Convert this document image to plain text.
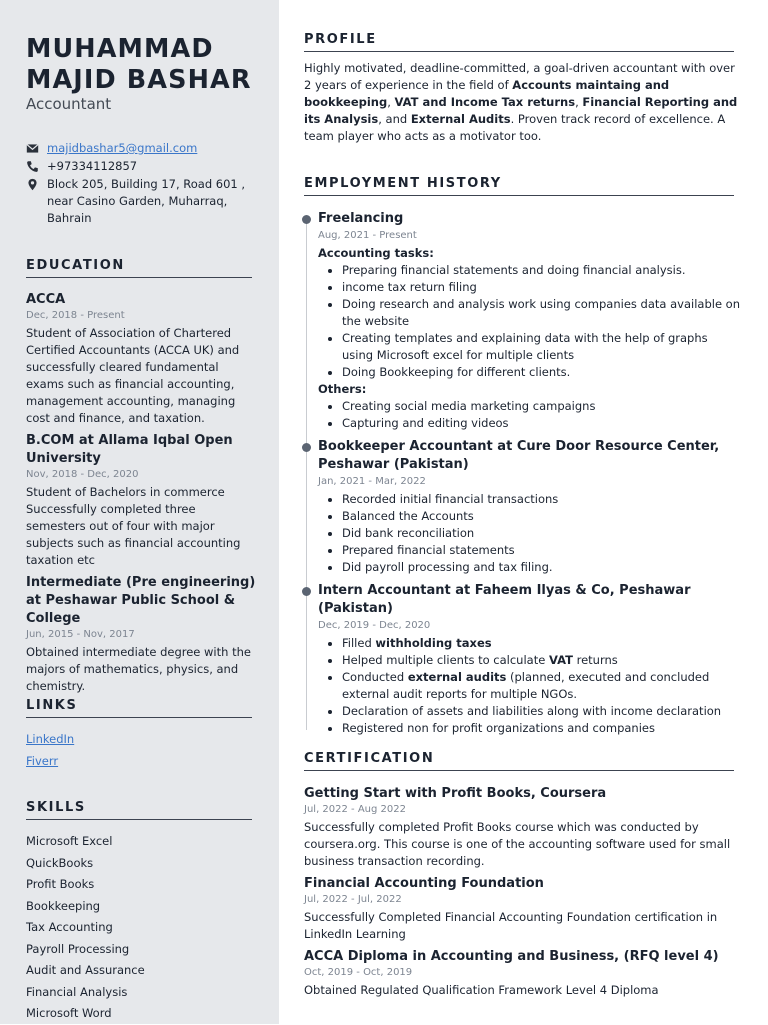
MUHAMMAD
MAJID BASHAR
Accountant
majidbashar5@gmail.com
+97334112857
Block 205, Building 17, Road 601 , near Casino Garden, Muharraq, Bahrain
EDUCATION
ACCA
Dec, 2018 - Present
Student of Association of Chartered Certified Accountants (ACCA UK) and successfully cleared fundamental exams such as financial accounting, management accounting, managing cost and finance, and taxation.
B.COM at Allama Iqbal Open University
Nov, 2018 - Dec, 2020
Student of Bachelors in commerce Successfully completed three semesters out of four with major subjects such as financial accounting taxation etc
Intermediate (Pre engineering) at Peshawar Public School & College
Jun, 2015 - Nov, 2017
Obtained intermediate degree with the majors of mathematics, physics, and chemistry.
LINKS
LinkedIn
Fiverr
SKILLS
Microsoft Excel
QuickBooks
Profit Books
Bookkeeping
Tax Accounting
Payroll Processing
Audit and Assurance
Financial Analysis
Microsoft Word
PROFILE
Highly motivated, deadline-committed, a goal-driven accountant with over 2 years of experience in the field of Accounts maintaing and bookkeeping, VAT and Income Tax returns, Financial Reporting and its Analysis, and External Audits. Proven track record of excellence. A team player who acts as a motivator too.
EMPLOYMENT HISTORY
Freelancing
Aug, 2021 - Present
Accounting tasks:
• Preparing financial statements and doing financial analysis.
• income tax return filing
• Doing research and analysis work using companies data available on the website
• Creating templates and explaining data with the help of graphs using Microsoft excel for multiple clients
• Doing Bookkeeping for different clients.
Others:
• Creating social media marketing campaigns
• Capturing and editing videos
Bookkeeper Accountant at Cure Door Resource Center, Peshawar (Pakistan)
Jan, 2021 - Mar, 2022
• Recorded initial financial transactions
• Balanced the Accounts
• Did bank reconciliation
• Prepared financial statements
• Did payroll processing and tax filing.
Intern Accountant at Faheem Ilyas & Co, Peshawar (Pakistan)
Dec, 2019 - Dec, 2020
• Filled withholding taxes
• Helped multiple clients to calculate VAT returns
• Conducted external audits (planned, executed and concluded external audit reports for multiple NGOs.
• Declaration of assets and liabilities along with income declaration
• Registered non for profit organizations and companies
CERTIFICATION
Getting Start with Profit Books, Coursera
Jul, 2022 - Aug 2022
Successfully completed Profit Books course which was conducted by coursera.org. This course is one of the accounting software used for small business transaction recording.
Financial Accounting Foundation
Jul, 2022 - Jul, 2022
Successfully Completed Financial Accounting Foundation certification in LinkedIn Learning
ACCA Diploma in Accounting and Business, (RFQ level 4)
Oct, 2019 - Oct, 2019
Obtained Regulated Qualification Framework Level 4 Diploma
